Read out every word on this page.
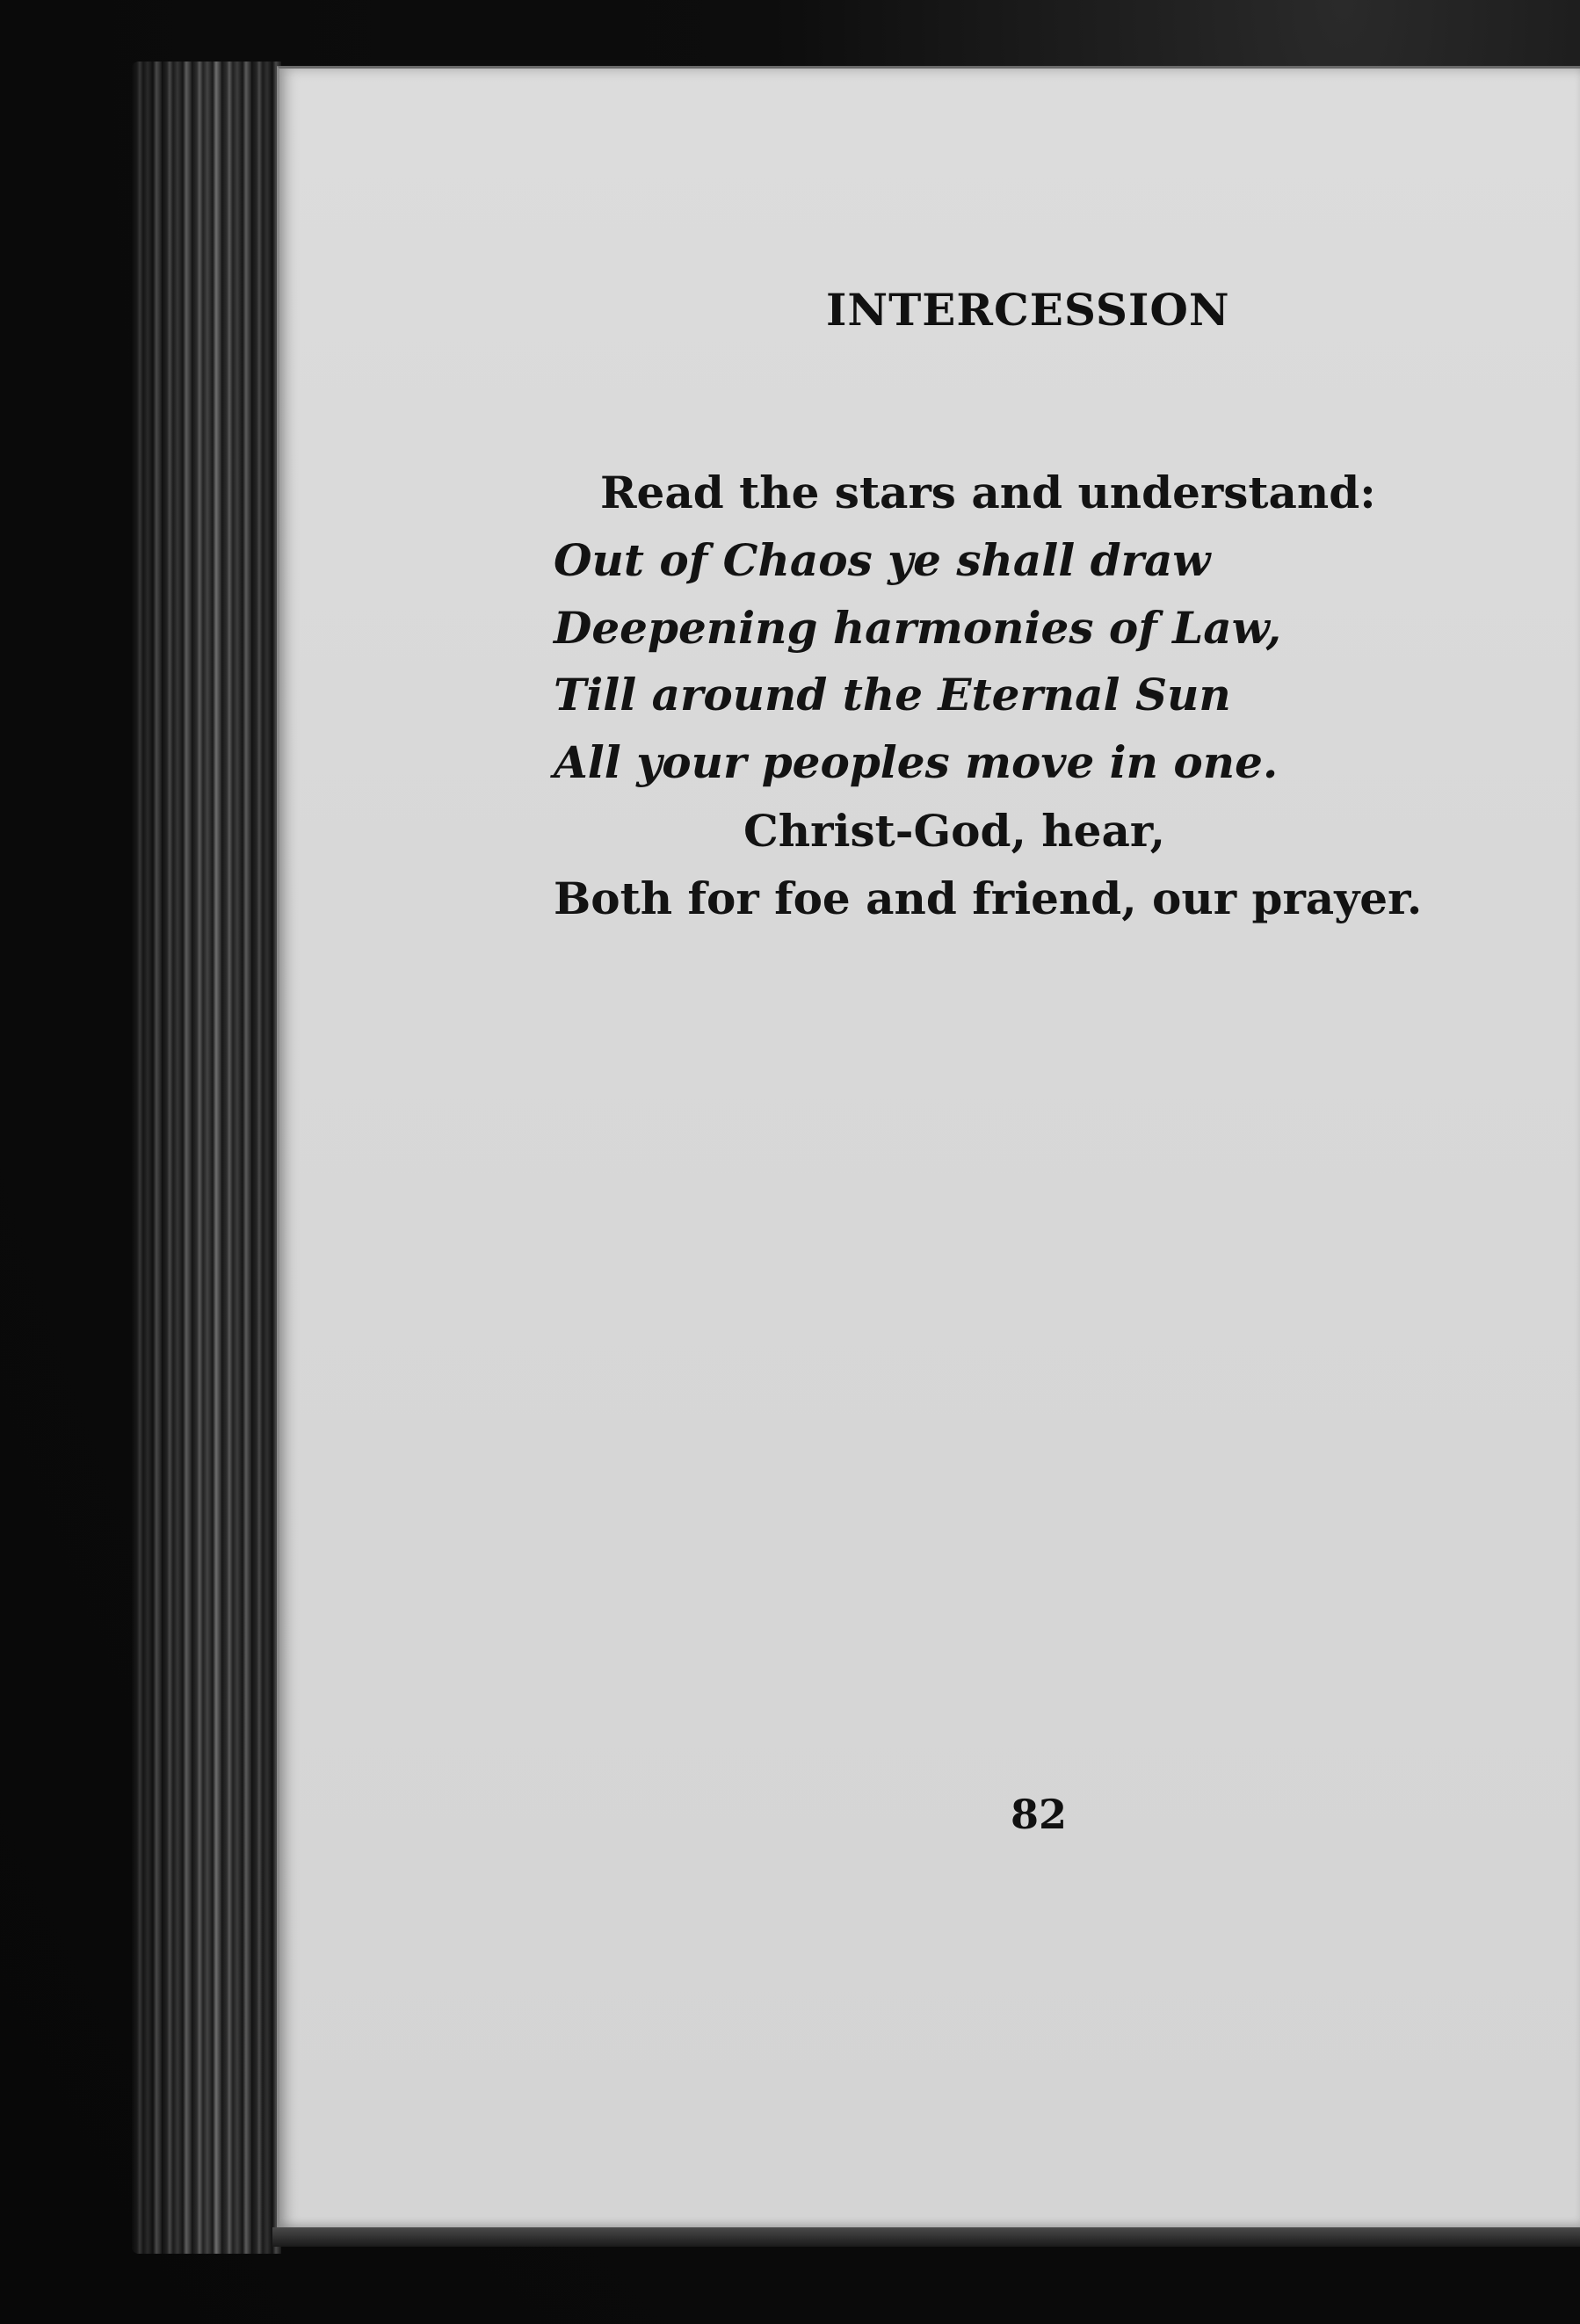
INTERCESSION
Read the stars and understand:
Out of Chaos ye shall draw
Deepening harmonies of Law,
Till around the Eternal Sun
All your peoples move in one.
Christ-God, hear,
Both for foe and friend, our prayer.
82
